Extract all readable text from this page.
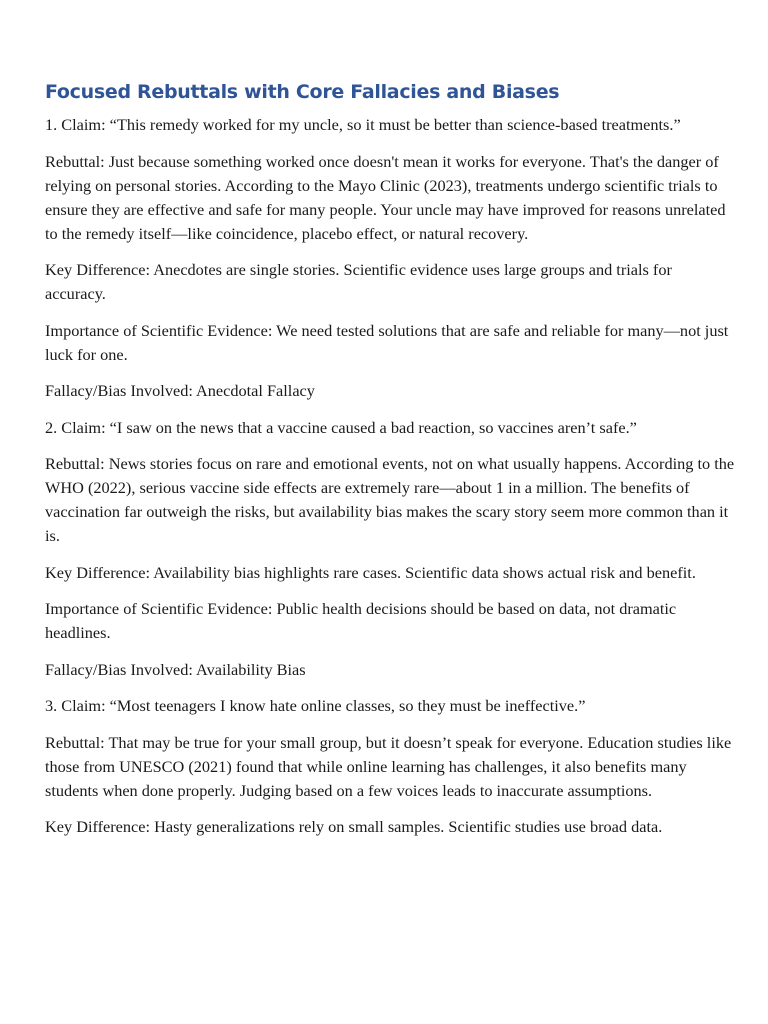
Focused Rebuttals with Core Fallacies and Biases

1. Claim: “This remedy worked for my uncle, so it must be better than science-based treatments.”

Rebuttal: Just because something worked once doesn't mean it works for everyone. That's the danger of relying on personal stories. According to the Mayo Clinic (2023), treatments undergo scientific trials to ensure they are effective and safe for many people. Your uncle may have improved for reasons unrelated to the remedy itself—like coincidence, placebo effect, or natural recovery.

Key Difference: Anecdotes are single stories. Scientific evidence uses large groups and trials for accuracy.

Importance of Scientific Evidence: We need tested solutions that are safe and reliable for many—not just luck for one.

Fallacy/Bias Involved: Anecdotal Fallacy

2. Claim: “I saw on the news that a vaccine caused a bad reaction, so vaccines aren’t safe.”

Rebuttal: News stories focus on rare and emotional events, not on what usually happens. According to the WHO (2022), serious vaccine side effects are extremely rare—about 1 in a million. The benefits of vaccination far outweigh the risks, but availability bias makes the scary story seem more common than it is.

Key Difference: Availability bias highlights rare cases. Scientific data shows actual risk and benefit.

Importance of Scientific Evidence: Public health decisions should be based on data, not dramatic headlines.

Fallacy/Bias Involved: Availability Bias

3. Claim: “Most teenagers I know hate online classes, so they must be ineffective.”

Rebuttal: That may be true for your small group, but it doesn’t speak for everyone. Education studies like those from UNESCO (2021) found that while online learning has challenges, it also benefits many students when done properly. Judging based on a few voices leads to inaccurate assumptions.

Key Difference: Hasty generalizations rely on small samples. Scientific studies use broad data.
